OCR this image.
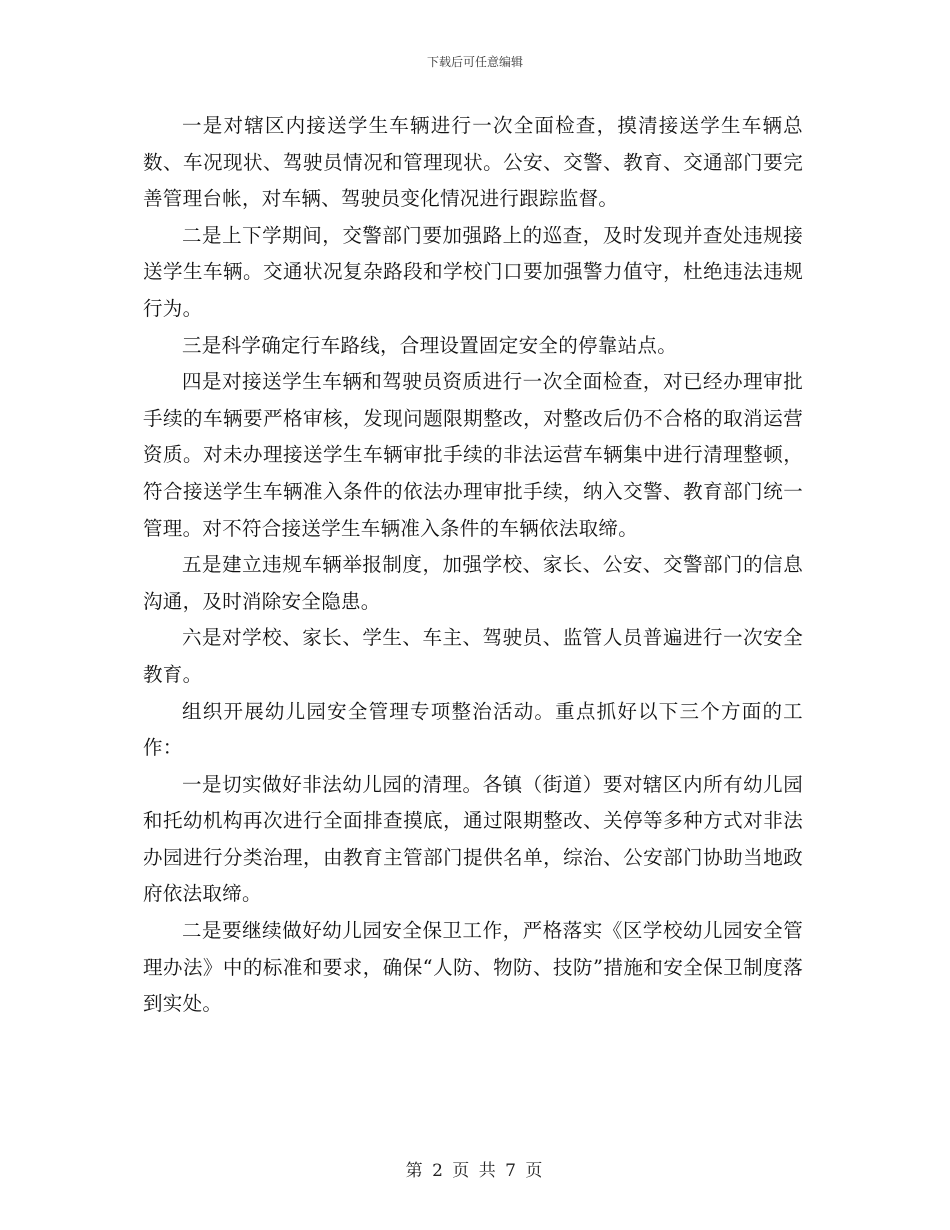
下载后可任意编辑

一是对辖区内接送学生车辆进行一次全面检查，摸清接送学生车辆总数、车况现状、驾驶员情况和管理现状。公安、交警、教育、交通部门要完善管理台帐，对车辆、驾驶员变化情况进行跟踪监督。

二是上下学期间，交警部门要加强路上的巡查，及时发现并查处违规接送学生车辆。交通状况复杂路段和学校门口要加强警力值守，杜绝违法违规行为。

三是科学确定行车路线，合理设置固定安全的停靠站点。

四是对接送学生车辆和驾驶员资质进行一次全面检查，对已经办理审批手续的车辆要严格审核，发现问题限期整改，对整改后仍不合格的取消运营资质。对未办理接送学生车辆审批手续的非法运营车辆集中进行清理整顿，符合接送学生车辆准入条件的依法办理审批手续，纳入交警、教育部门统一管理。对不符合接送学生车辆准入条件的车辆依法取缔。

五是建立违规车辆举报制度，加强学校、家长、公安、交警部门的信息沟通，及时消除安全隐患。

六是对学校、家长、学生、车主、驾驶员、监管人员普遍进行一次安全教育。

组织开展幼儿园安全管理专项整治活动。重点抓好以下三个方面的工作：

一是切实做好非法幼儿园的清理。各镇（街道）要对辖区内所有幼儿园和托幼机构再次进行全面排查摸底，通过限期整改、关停等多种方式对非法办园进行分类治理，由教育主管部门提供名单，综治、公安部门协助当地政府依法取缔。

二是要继续做好幼儿园安全保卫工作，严格落实《区学校幼儿园安全管理办法》中的标准和要求，确保“人防、物防、技防”措施和安全保卫制度落到实处。

第 2 页 共 7 页
